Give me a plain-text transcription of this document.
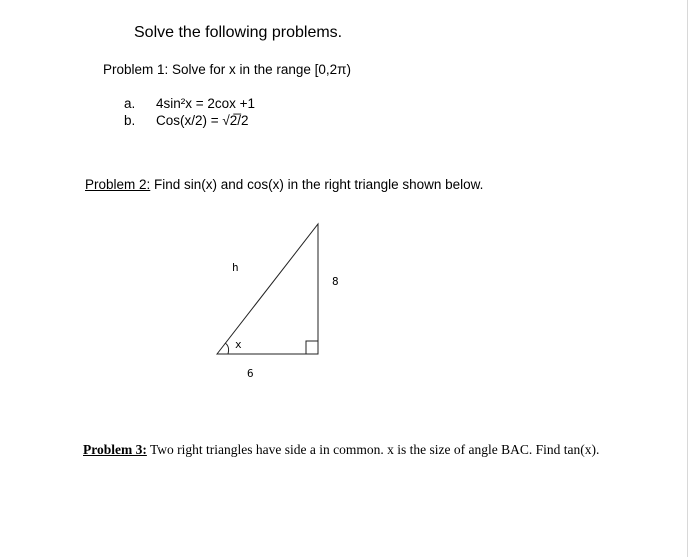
Solve the following problems.
Problem 1: Solve for x in the range [0,2π)
a. 4sin²x = 2cox +1
b. Cos(x/2) = √2̅/2
Problem 2: Find sin(x) and cos(x) in the right triangle shown below.
h
8
6
x
Problem 3: Two right triangles have side a in common. x is the size of angle BAC. Find tan(x).
